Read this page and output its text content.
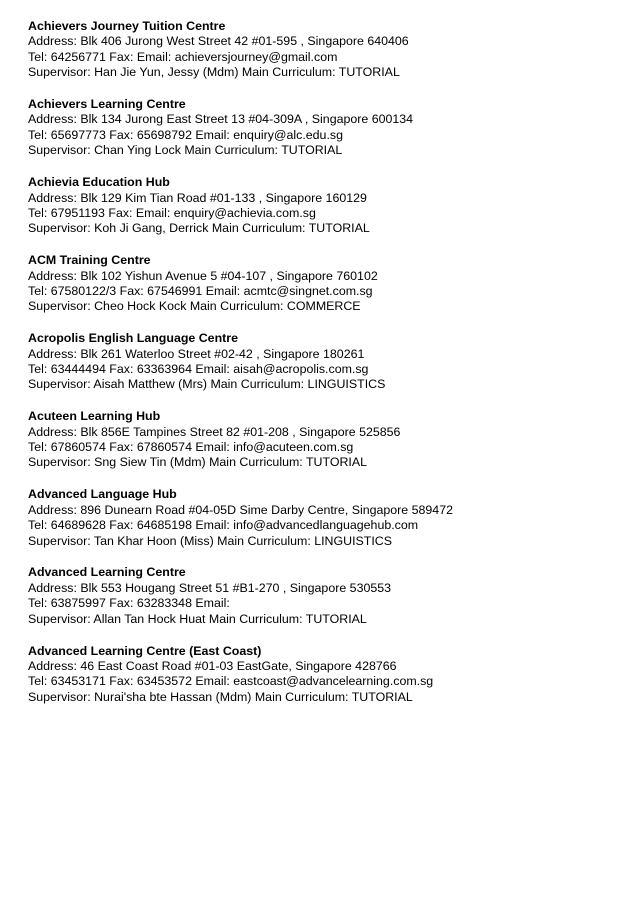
Achievers Journey Tuition Centre
Address: Blk 406 Jurong West Street 42 #01-595 , Singapore 640406
Tel: 64256771 Fax: Email: achieversjourney@gmail.com
Supervisor: Han Jie Yun, Jessy (Mdm) Main Curriculum: TUTORIAL
Achievers Learning Centre
Address: Blk 134 Jurong East Street 13 #04-309A , Singapore 600134
Tel: 65697773 Fax: 65698792 Email: enquiry@alc.edu.sg
Supervisor: Chan Ying Lock Main Curriculum: TUTORIAL
Achievia Education Hub
Address: Blk 129 Kim Tian Road #01-133 , Singapore 160129
Tel: 67951193 Fax: Email: enquiry@achievia.com.sg
Supervisor: Koh Ji Gang, Derrick Main Curriculum: TUTORIAL
ACM Training Centre
Address: Blk 102 Yishun Avenue 5 #04-107 , Singapore 760102
Tel: 67580122/3 Fax: 67546991 Email: acmtc@singnet.com.sg
Supervisor: Cheo Hock Kock Main Curriculum: COMMERCE
Acropolis English Language Centre
Address: Blk 261 Waterloo Street #02-42 , Singapore 180261
Tel: 63444494 Fax: 63363964 Email: aisah@acropolis.com.sg
Supervisor: Aisah Matthew (Mrs) Main Curriculum: LINGUISTICS
Acuteen Learning Hub
Address: Blk 856E Tampines Street 82 #01-208 , Singapore 525856
Tel: 67860574 Fax: 67860574 Email: info@acuteen.com.sg
Supervisor: Sng Siew Tin (Mdm) Main Curriculum: TUTORIAL
Advanced Language Hub
Address: 896 Dunearn Road #04-05D Sime Darby Centre, Singapore 589472
Tel: 64689628 Fax: 64685198 Email: info@advancedlanguagehub.com
Supervisor: Tan Khar Hoon (Miss) Main Curriculum: LINGUISTICS
Advanced Learning Centre
Address: Blk 553 Hougang Street 51 #B1-270 , Singapore 530553
Tel: 63875997 Fax: 63283348 Email:
Supervisor: Allan Tan Hock Huat Main Curriculum: TUTORIAL
Advanced Learning Centre (East Coast)
Address: 46 East Coast Road #01-03 EastGate, Singapore 428766
Tel: 63453171 Fax: 63453572 Email: eastcoast@advancelearning.com.sg
Supervisor: Nurai'sha bte Hassan (Mdm) Main Curriculum: TUTORIAL
